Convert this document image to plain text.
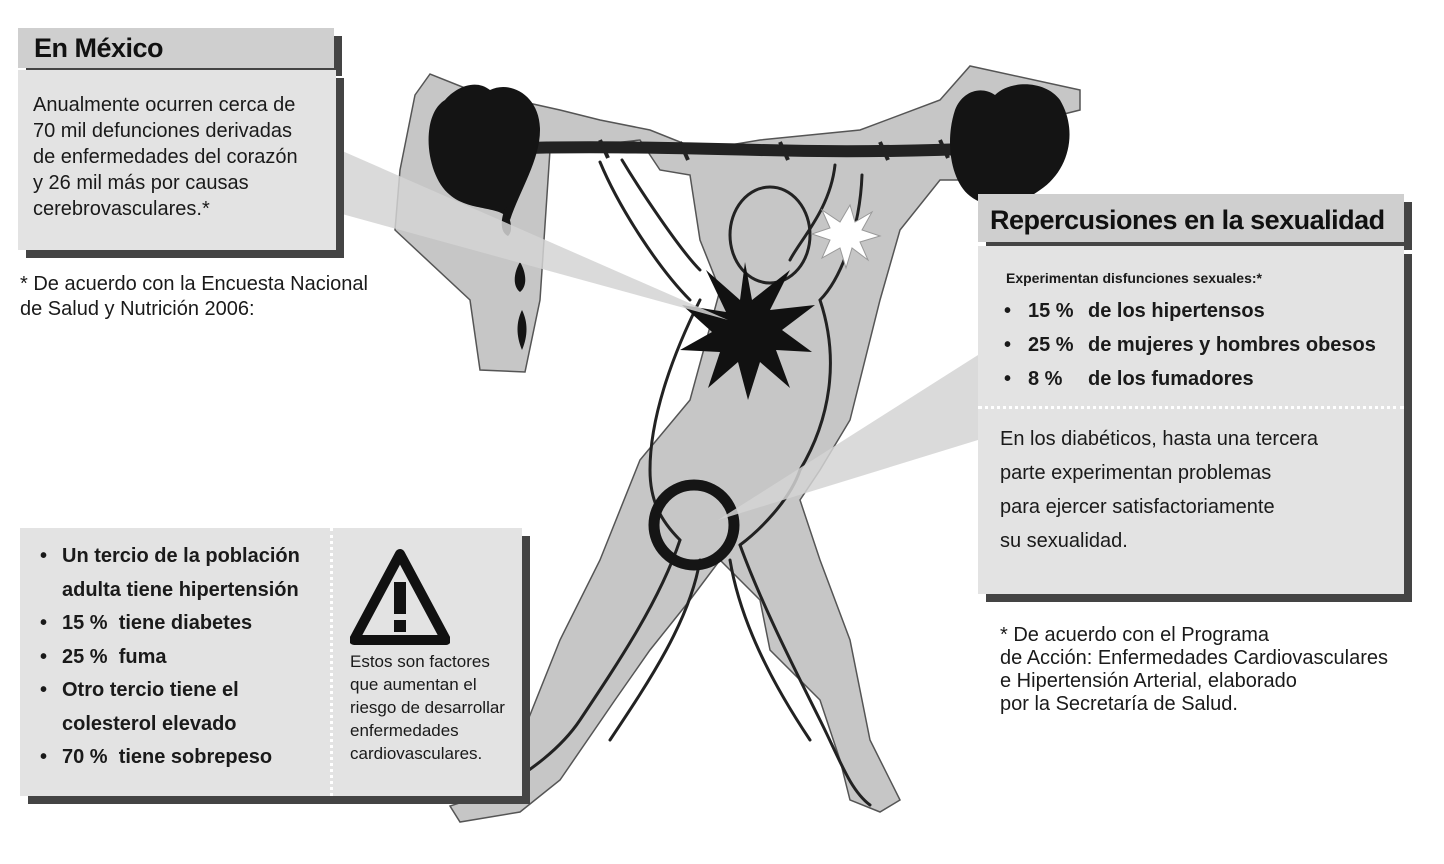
En México
Anualmente ocurren cerca de
70 mil defunciones derivadas
de enfermedades del corazón
y 26 mil más por causas
cerebrovasculares.*
* De acuerdo con la Encuesta Nacional
de Salud y Nutrición 2006:
Repercusiones en la sexualidad
Experimentan disfunciones sexuales:*
• 15 % de los hipertensos
• 25 % de mujeres y hombres obesos
• 8 % de los fumadores
En los diabéticos, hasta una tercera
parte experimentan problemas
para ejercer satisfactoriamente
su sexualidad.
* De acuerdo con el Programa
de Acción: Enfermedades Cardiovasculares
e Hipertensión Arterial, elaborado
por la Secretaría de Salud.
• Un tercio de la población
adulta tiene hipertensión
• 15 %  tiene diabetes
• 25 %  fuma
• Otro tercio tiene el
colesterol elevado
• 70 %  tiene sobrepeso
Estos son factores
que aumentan el
riesgo de desarrollar
enfermedades
cardiovasculares.
